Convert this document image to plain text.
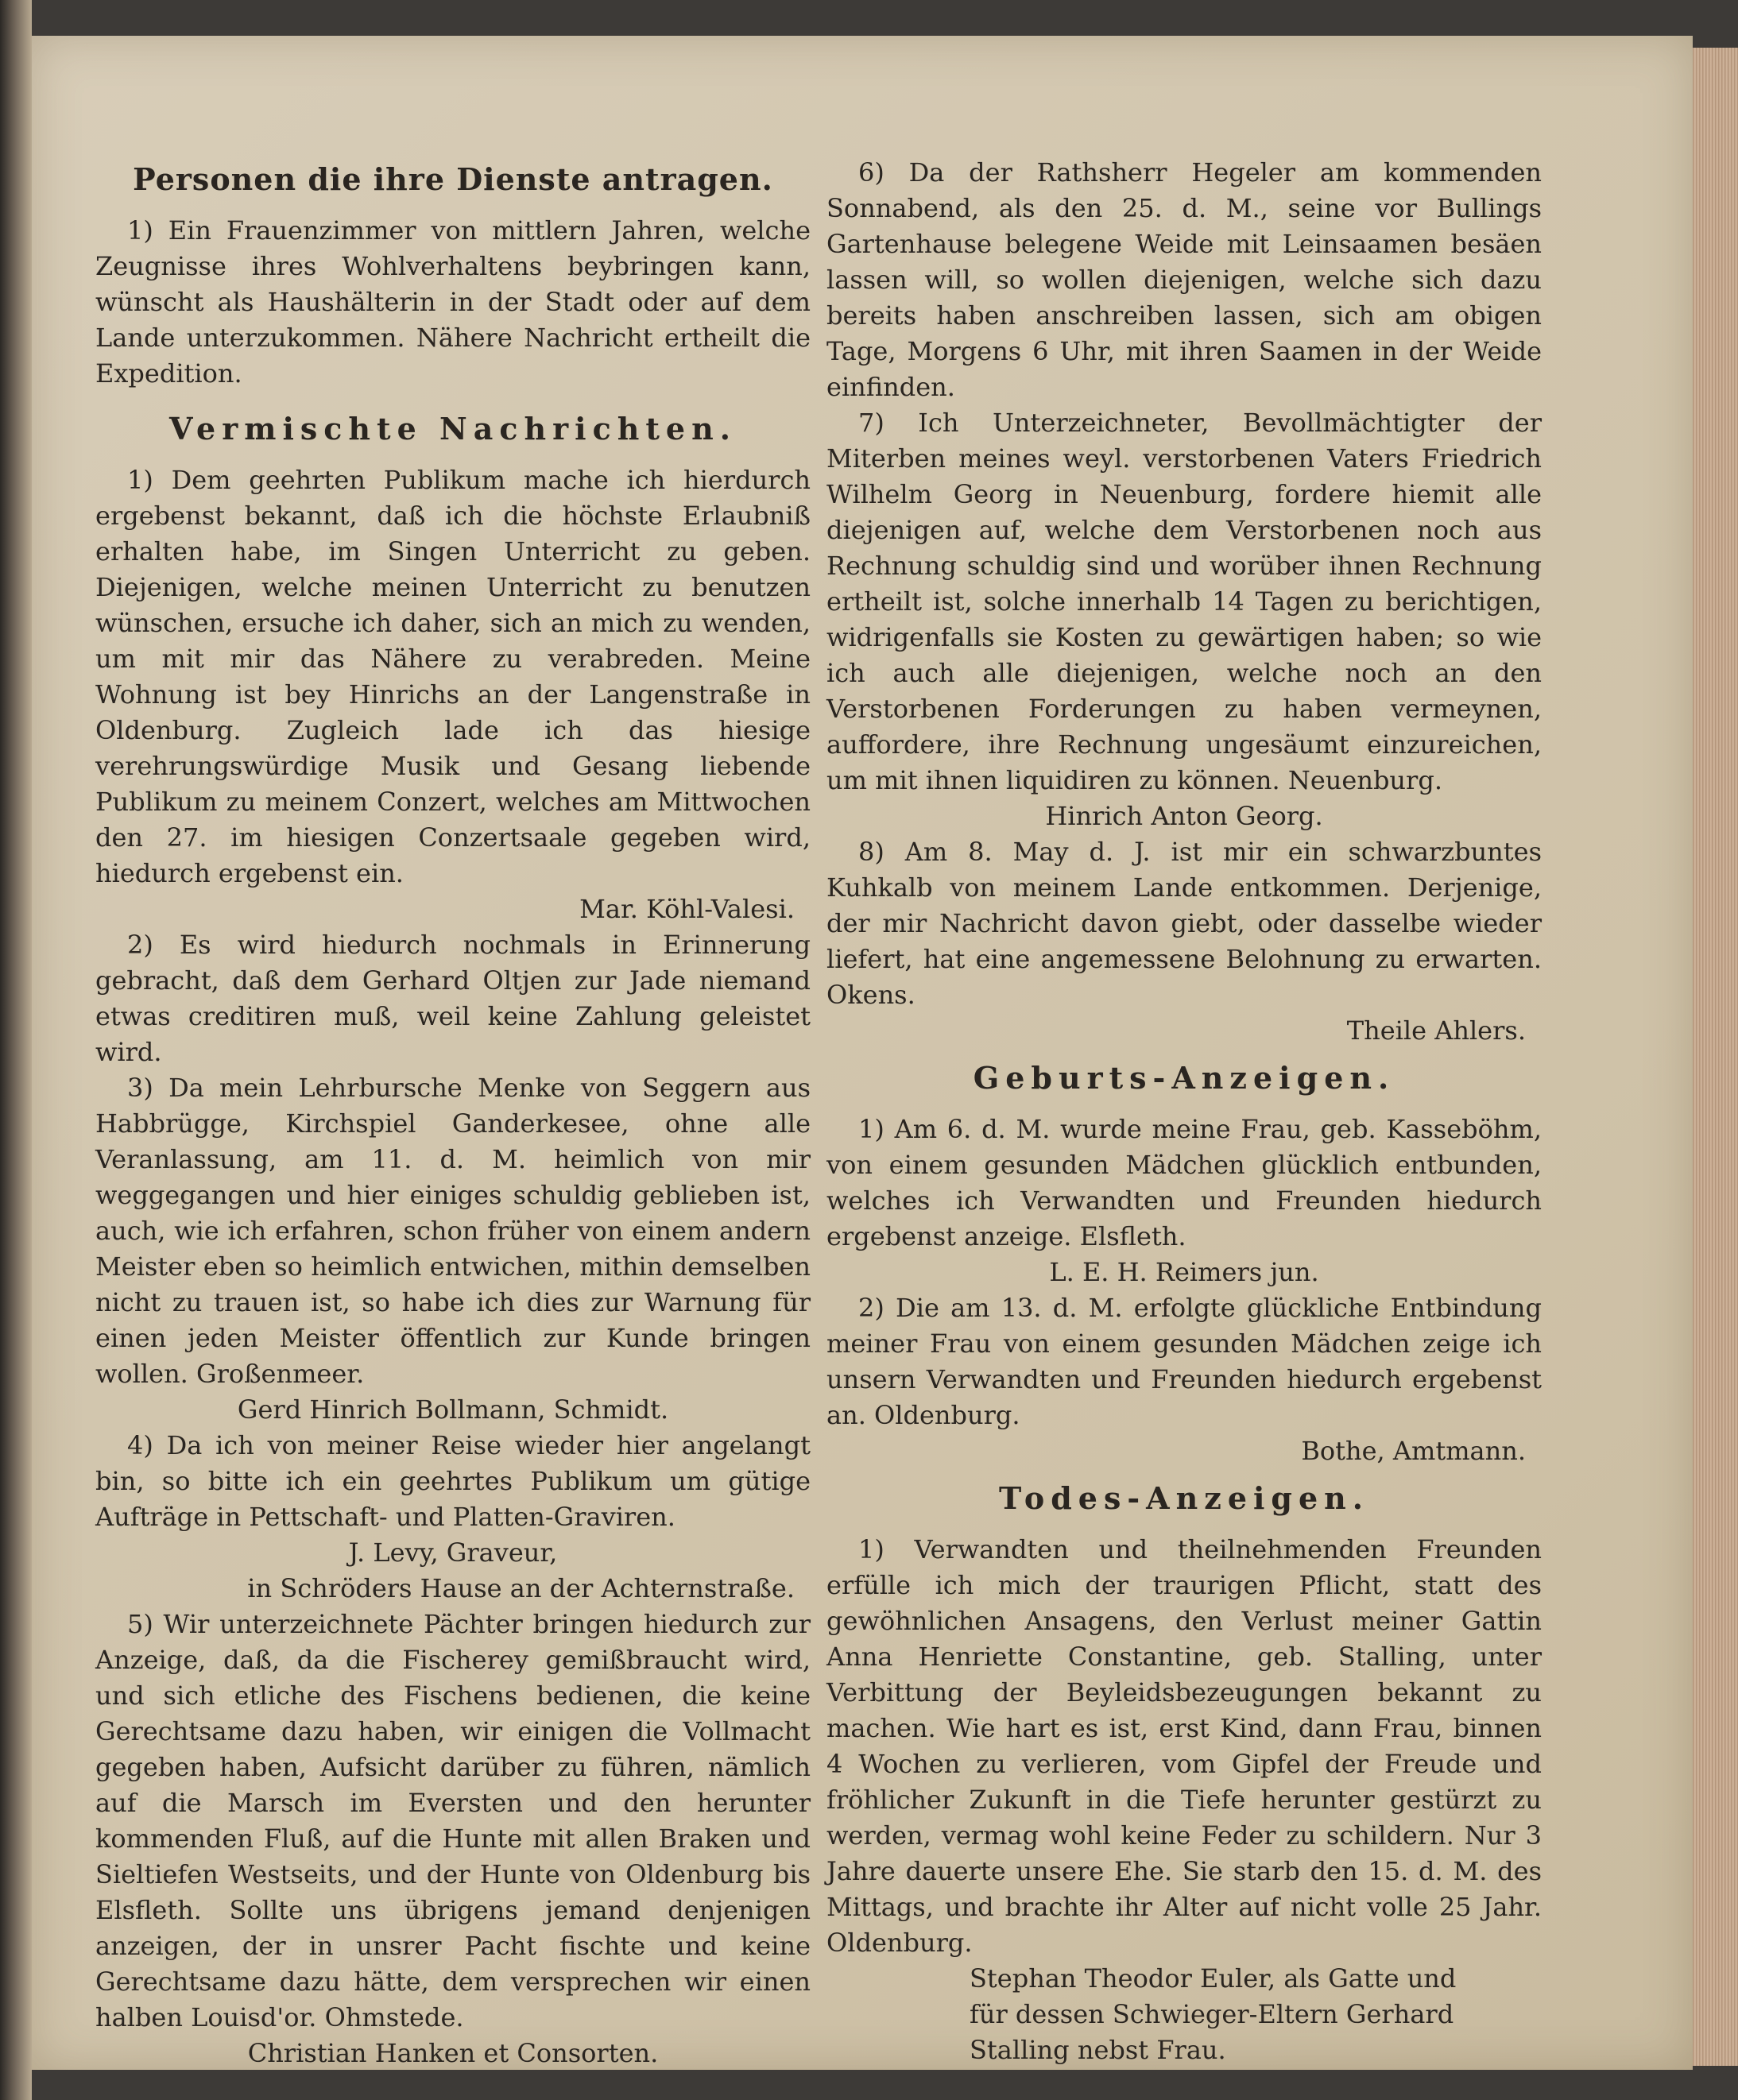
Personen die ihre Dienste antragen.

1) Ein Frauenzimmer von mittlern Jahren, welche Zeugnisse ihres Wohlverhaltens beybringen kann, wünscht als Haushälterin in der Stadt oder auf dem Lande unterzukommen. Nähere Nachricht ertheilt die Expedition.

Vermischte Nachrichten.

1) Dem geehrten Publikum mache ich hierdurch ergebenst bekannt, daß ich die höchste Erlaubniß erhalten habe, im Singen Unterricht zu geben. Diejenigen, welche meinen Unterricht zu benutzen wünschen, ersuche ich daher, sich an mich zu wenden, um mit mir das Nähere zu verabreden. Meine Wohnung ist bey Hinrichs an der Langenstraße in Oldenburg. Zugleich lade ich das hiesige verehrungswürdige Musik und Gesang liebende Publikum zu meinem Conzert, welches am Mittwochen den 27. im hiesigen Conzertsaale gegeben wird, hiedurch ergebenst ein.

Mar. Köhl-Valesi.

2) Es wird hiedurch nochmals in Erinnerung gebracht, daß dem Gerhard Oltjen zur Jade niemand etwas creditiren muß, weil keine Zahlung geleistet wird.

3) Da mein Lehrbursche Menke von Seggern aus Habbrügge, Kirchspiel Ganderkesee, ohne alle Veranlassung, am 11. d. M. heimlich von mir weggegangen und hier einiges schuldig geblieben ist, auch, wie ich erfahren, schon früher von einem andern Meister eben so heimlich entwichen, mithin demselben nicht zu trauen ist, so habe ich dies zur Warnung für einen jeden Meister öffentlich zur Kunde bringen wollen. Großenmeer.

Gerd Hinrich Bollmann, Schmidt.

4) Da ich von meiner Reise wieder hier angelangt bin, so bitte ich ein geehrtes Publikum um gütige Aufträge in Pettschaft- und Platten-Graviren.

J. Levy, Graveur,

in Schröders Hause an der Achternstraße.

5) Wir unterzeichnete Pächter bringen hiedurch zur Anzeige, daß, da die Fischerey gemißbraucht wird, und sich etliche des Fischens bedienen, die keine Gerechtsame dazu haben, wir einigen die Vollmacht gegeben haben, Aufsicht darüber zu führen, nämlich auf die Marsch im Eversten und den herunter kommenden Fluß, auf die Hunte mit allen Braken und Sieltiefen Westseits, und der Hunte von Oldenburg bis Elsfleth. Sollte uns übrigens jemand denjenigen anzeigen, der in unsrer Pacht fischte und keine Gerechtsame dazu hätte, dem versprechen wir einen halben Louisd'or. Ohmstede.

Christian Hanken et Consorten.

6) Da der Rathsherr Hegeler am kommenden Sonnabend, als den 25. d. M., seine vor Bullings Gartenhause belegene Weide mit Leinsaamen besäen lassen will, so wollen diejenigen, welche sich dazu bereits haben anschreiben lassen, sich am obigen Tage, Morgens 6 Uhr, mit ihren Saamen in der Weide einfinden.

7) Ich Unterzeichneter, Bevollmächtigter der Miterben meines weyl. verstorbenen Vaters Friedrich Wilhelm Georg in Neuenburg, fordere hiemit alle diejenigen auf, welche dem Verstorbenen noch aus Rechnung schuldig sind und worüber ihnen Rechnung ertheilt ist, solche innerhalb 14 Tagen zu berichtigen, widrigenfalls sie Kosten zu gewärtigen haben; so wie ich auch alle diejenigen, welche noch an den Verstorbenen Forderungen zu haben vermeynen, auffordere, ihre Rechnung ungesäumt einzureichen, um mit ihnen liquidiren zu können. Neuenburg.

Hinrich Anton Georg.

8) Am 8. May d. J. ist mir ein schwarzbuntes Kuhkalb von meinem Lande entkommen. Derjenige, der mir Nachricht davon giebt, oder dasselbe wieder liefert, hat eine angemessene Belohnung zu erwarten. Okens.

Theile Ahlers.

Geburts-Anzeigen.

1) Am 6. d. M. wurde meine Frau, geb. Kasseböhm, von einem gesunden Mädchen glücklich entbunden, welches ich Verwandten und Freunden hiedurch ergebenst anzeige. Elsfleth.

L. E. H. Reimers jun.

2) Die am 13. d. M. erfolgte glückliche Entbindung meiner Frau von einem gesunden Mädchen zeige ich unsern Verwandten und Freunden hiedurch ergebenst an. Oldenburg.

Bothe, Amtmann.

Todes-Anzeigen.

1) Verwandten und theilnehmenden Freunden erfülle ich mich der traurigen Pflicht, statt des gewöhnlichen Ansagens, den Verlust meiner Gattin Anna Henriette Constantine, geb. Stalling, unter Verbittung der Beyleidsbezeugungen bekannt zu machen. Wie hart es ist, erst Kind, dann Frau, binnen 4 Wochen zu verlieren, vom Gipfel der Freude und fröhlicher Zukunft in die Tiefe herunter gestürzt zu werden, vermag wohl keine Feder zu schildern. Nur 3 Jahre dauerte unsere Ehe. Sie starb den 15. d. M. des Mittags, und brachte ihr Alter auf nicht volle 25 Jahr. Oldenburg.

Stephan Theodor Euler, als Gatte und

für dessen Schwieger-Eltern Gerhard

Stalling nebst Frau.
